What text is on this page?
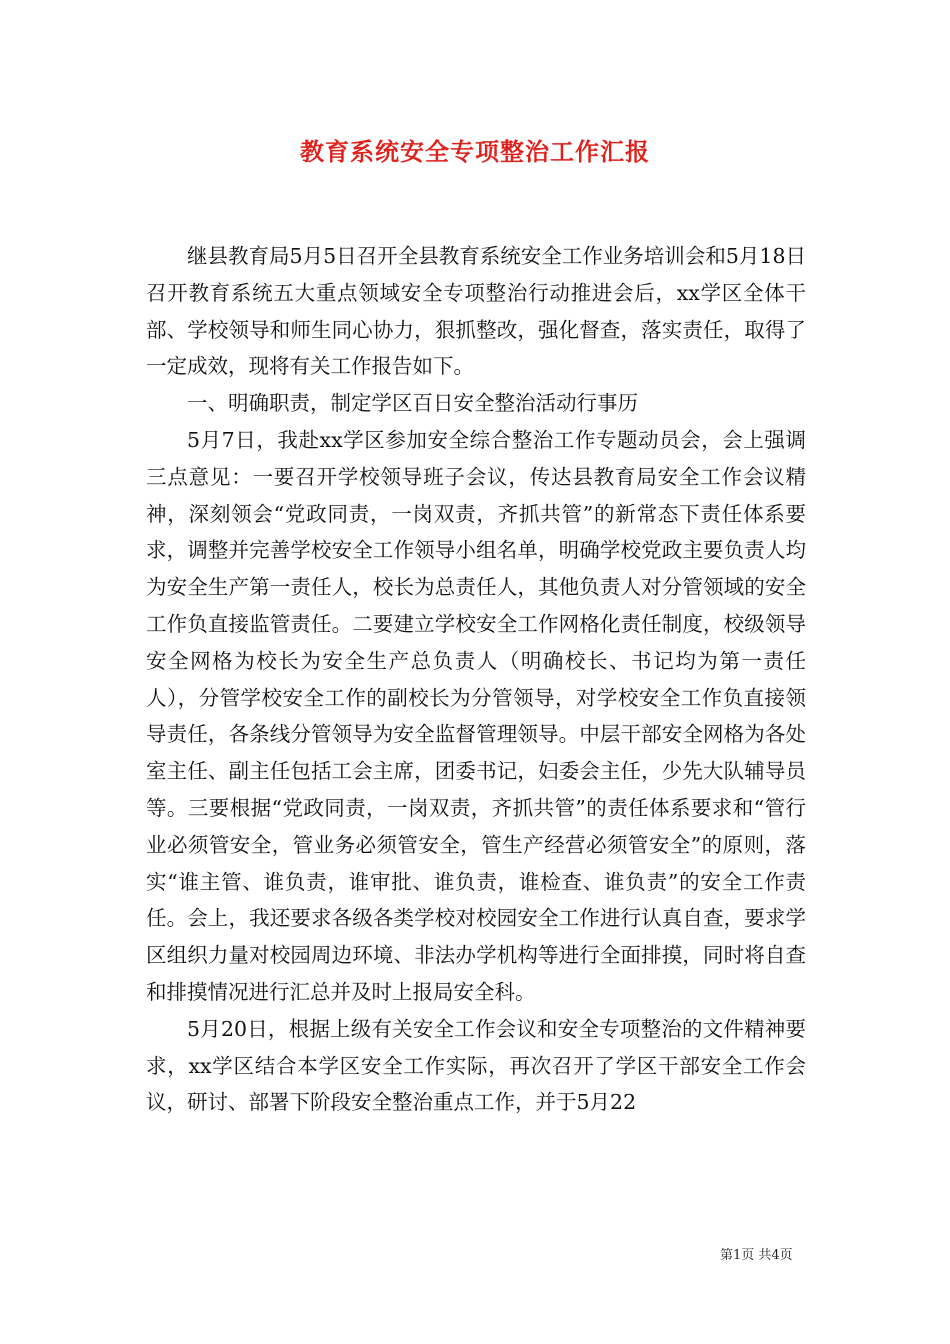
教育系统安全专项整治工作汇报

继县教育局5月5日召开全县教育系统安全工作业务培训会和5月18日召开教育系统五大重点领域安全专项整治行动推进会后，xx学区全体干部、学校领导和师生同心协力，狠抓整改，强化督查，落实责任，取得了一定成效，现将有关工作报告如下。

一、明确职责，制定学区百日安全整治活动行事历

5月7日，我赴xx学区参加安全综合整治工作专题动员会，会上强调三点意见：一要召开学校领导班子会议，传达县教育局安全工作会议精神，深刻领会“党政同责，一岗双责，齐抓共管”的新常态下责任体系要求，调整并完善学校安全工作领导小组名单，明确学校党政主要负责人均为安全生产第一责任人，校长为总责任人，其他负责人对分管领域的安全工作负直接监管责任。二要建立学校安全工作网格化责任制度，校级领导安全网格为校长为安全生产总负责人（明确校长、书记均为第一责任人），分管学校安全工作的副校长为分管领导，对学校安全工作负直接领导责任，各条线分管领导为安全监督管理领导。中层干部安全网格为各处室主任、副主任包括工会主席，团委书记，妇委会主任，少先大队辅导员等。三要根据“党政同责，一岗双责，齐抓共管”的责任体系要求和“管行业必须管安全，管业务必须管安全，管生产经营必须管安全”的原则，落实“谁主管、谁负责，谁审批、谁负责，谁检查、谁负责”的安全工作责任。会上，我还要求各级各类学校对校园安全工作进行认真自查，要求学区组织力量对校园周边环境、非法办学机构等进行全面排摸，同时将自查和排摸情况进行汇总并及时上报局安全科。

5月20日，根据上级有关安全工作会议和安全专项整治的文件精神要求，xx学区结合本学区安全工作实际，再次召开了学区干部安全工作会议，研讨、部署下阶段安全整治重点工作，并于5月22

第1页 共4页
